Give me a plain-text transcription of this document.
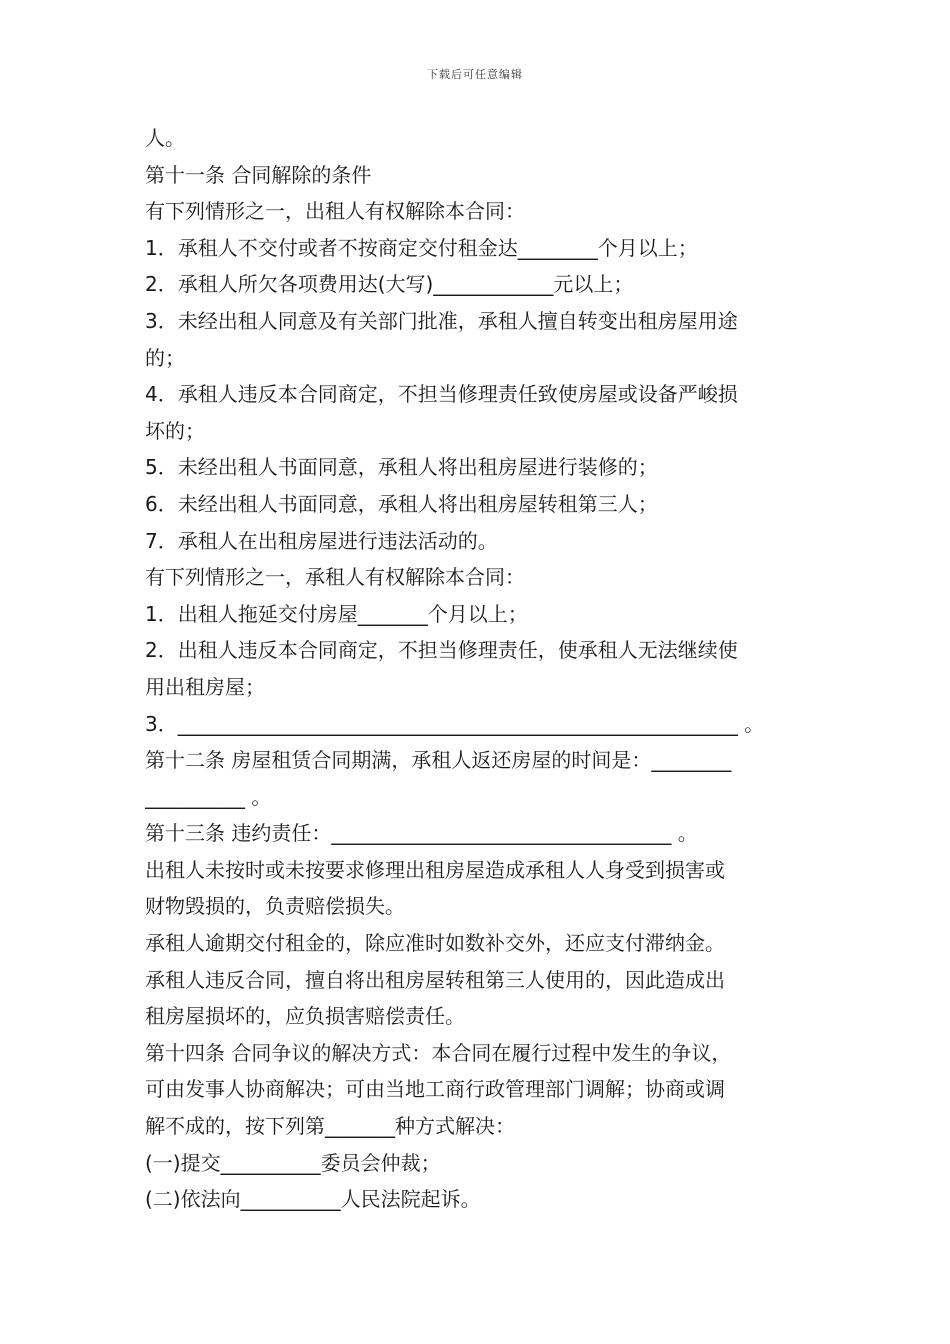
下载后可任意编辑
人。
第十一条 合同解除的条件
有下列情形之一，出租人有权解除本合同：
1．承租人不交付或者不按商定交付租金达________个月以上；
2．承租人所欠各项费用达(大写)____________元以上；
3．未经出租人同意及有关部门批准，承租人擅自转变出租房屋用途
的；
4．承租人违反本合同商定，不担当修理责任致使房屋或设备严峻损
坏的；
5．未经出租人书面同意，承租人将出租房屋进行装修的；
6．未经出租人书面同意，承租人将出租房屋转租第三人；
7．承租人在出租房屋进行违法活动的。
有下列情形之一，承租人有权解除本合同：
1．出租人拖延交付房屋_______个月以上；
2．出租人违反本合同商定，不担当修理责任，使承租人无法继续使
用出租房屋；
3．________________________________________________________ 。
第十二条 房屋租赁合同期满，承租人返还房屋的时间是：________
__________ 。
第十三条 违约责任：__________________________________ 。
出租人未按时或未按要求修理出租房屋造成承租人人身受到损害或
财物毁损的，负责赔偿损失。
承租人逾期交付租金的，除应准时如数补交外，还应支付滞纳金。
承租人违反合同，擅自将出租房屋转租第三人使用的，因此造成出
租房屋损坏的，应负损害赔偿责任。
第十四条 合同争议的解决方式：本合同在履行过程中发生的争议，
可由发事人协商解决；可由当地工商行政管理部门调解；协商或调
解不成的，按下列第_______种方式解决：
(一)提交__________委员会仲裁；
(二)依法向__________人民法院起诉。
